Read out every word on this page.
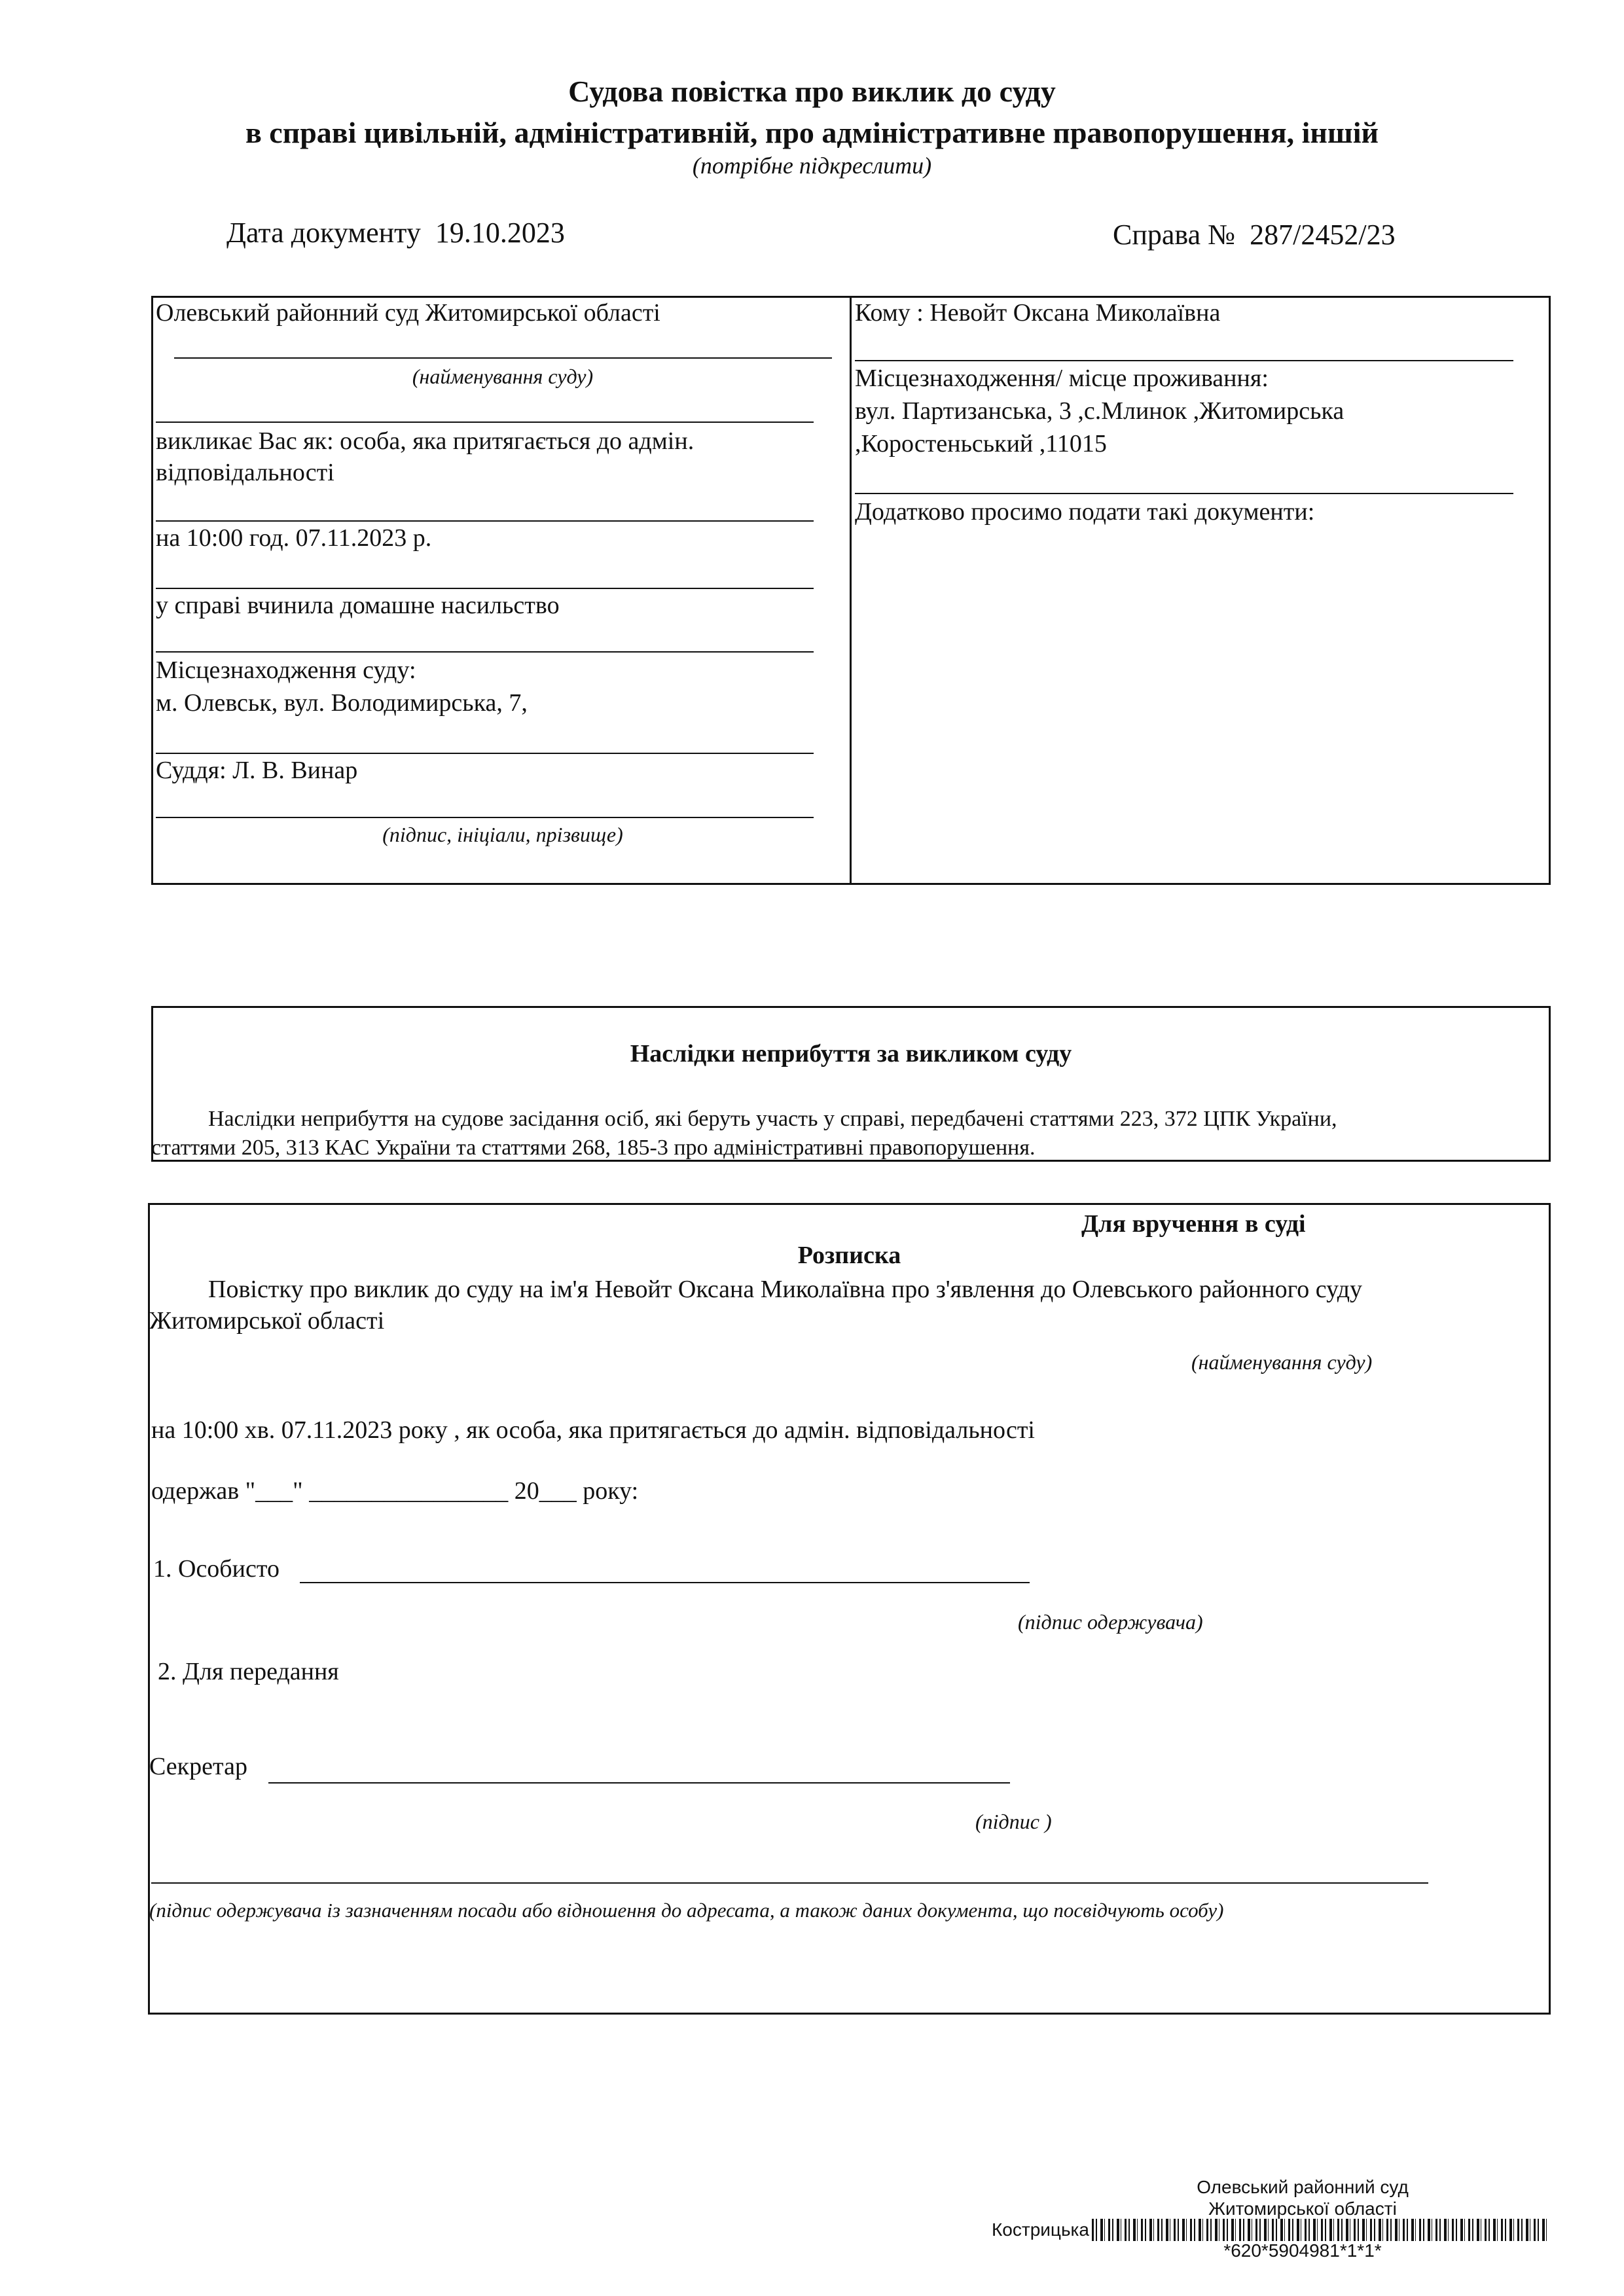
Судова повістка про виклик до суду
в справі цивільній, адміністративній, про адміністративне правопорушення, іншій
(потрібне підкреслити)
Дата документу 19.10.2023	Справа № 287/2452/23
Олевський районний суд Житомирської області
(найменування суду)
викликає Вас як: особа, яка притягається до адмін.
відповідальності
на 10:00 год. 07.11.2023 р.
у справі вчинила домашне насильство
Місцезнаходження суду:
м. Олевськ, вул. Володимирська, 7,
Суддя: Л. В. Винар
(підпис, ініціали, прізвище)
Кому : Невойт Оксана Миколаївна
Місцезнаходження/ місце проживання:
вул. Партизанська, 3 ,с.Млинок ,Житомирська
,Коростеньський ,11015
Додатково просимо подати такі документи:
Наслідки неприбуття за викликом суду
Наслідки неприбуття на судове засідання осіб, які беруть участь у справі, передбачені статтями 223, 372 ЦПК України,
статтями 205, 313 КАС України та статтями 268, 185-3 про адміністративні правопорушення.
Для вручення в суді
Розписка
Повістку про виклик до суду на ім'я Невойт Оксана Миколаївна про з'явлення до Олевського районного суду
Житомирської області
(найменування суду)
на 10:00 хв. 07.11.2023 року , як особа, яка притягається до адмін. відповідальності
одержав "___" ________________ 20___ року:
1. Особисто
(підпис одержувача)
2. Для передання
Секретар
(підпис )
(підпис одержувача із зазначенням посади або відношення до адресата, а також даних документа, що посвідчують особу)
Олевський районний суд
Житомирської області
Кострицька
*620*5904981*1*1*
